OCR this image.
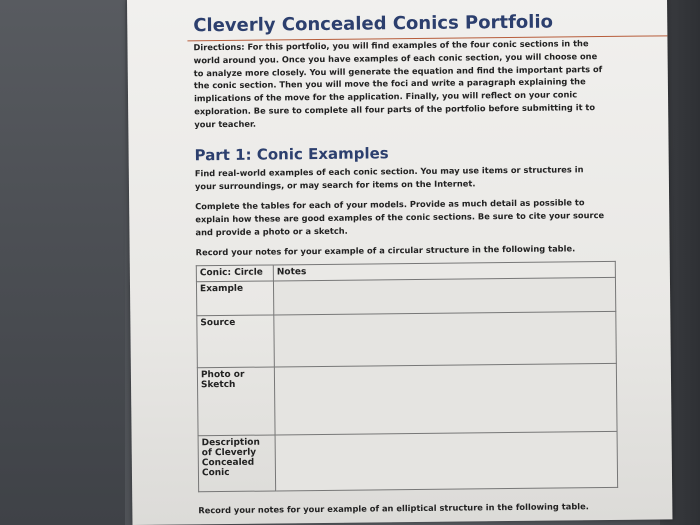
Cleverly Concealed Conics Portfolio
Directions: For this portfolio, you will find examples of the four conic sections in the world around you. Once you have examples of each conic section, you will choose one to analyze more closely. You will generate the equation and find the important parts of the conic section. Then you will move the foci and write a paragraph explaining the implications of the move for the application. Finally, you will reflect on your conic exploration. Be sure to complete all four parts of the portfolio before submitting it to your teacher.
Part 1: Conic Examples
Find real-world examples of each conic section. You may use items or structures in your surroundings, or may search for items on the Internet.
Complete the tables for each of your models. Provide as much detail as possible to explain how these are good examples of the conic sections. Be sure to cite your source and provide a photo or a sketch.
Record your notes for your example of a circular structure in the following table.
Conic: Circle	Notes
Example	
Source	
Photo or Sketch	
Description of Cleverly Concealed Conic	
Record your notes for your example of an elliptical structure in the following table.
